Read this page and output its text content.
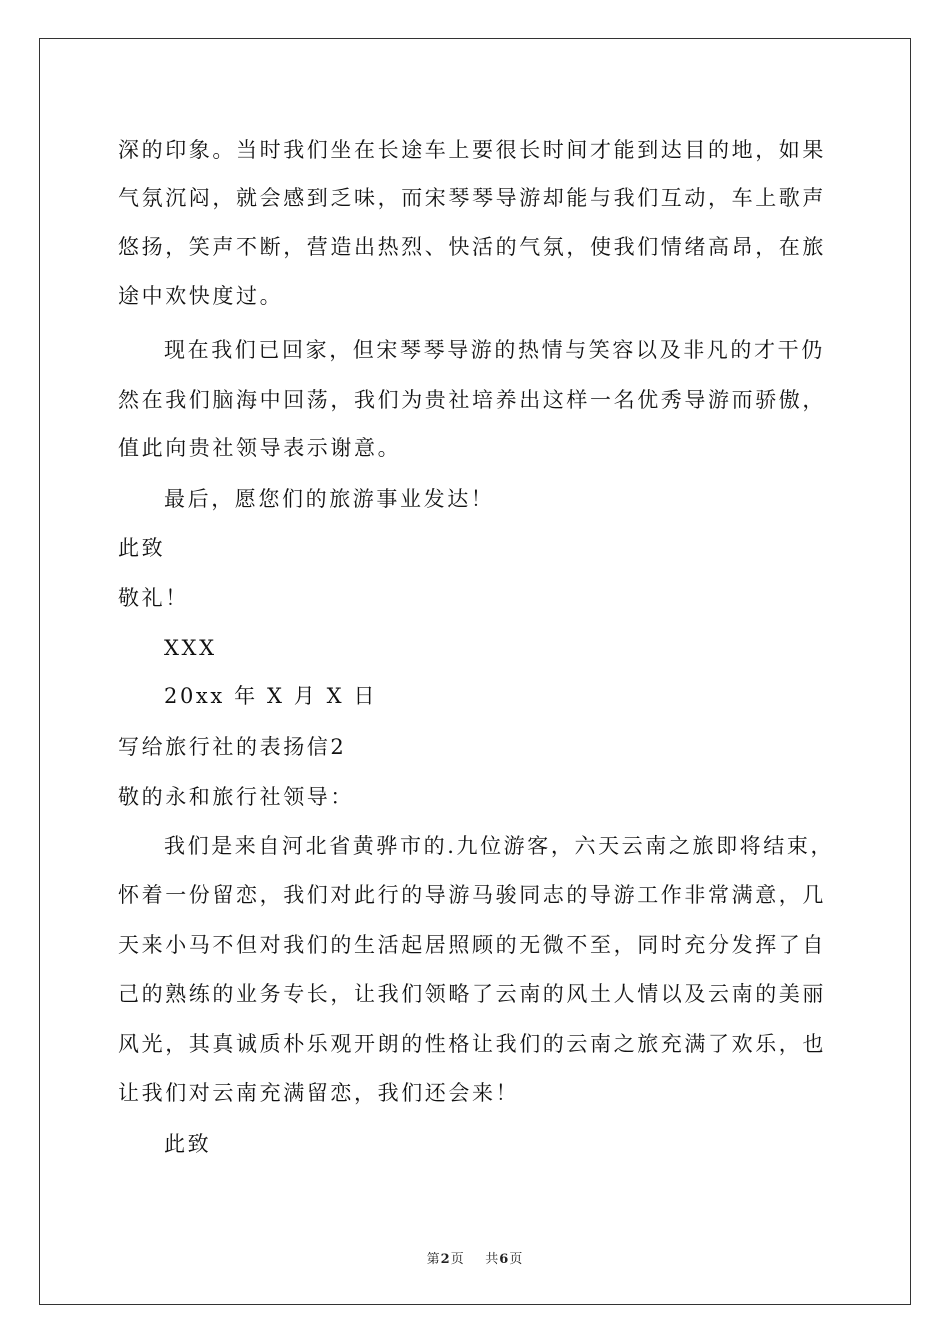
深的印象。当时我们坐在长途车上要很长时间才能到达目的地，如果
气氛沉闷，就会感到乏味，而宋琴琴导游却能与我们互动，车上歌声
悠扬，笑声不断，营造出热烈、快活的气氛，使我们情绪高昂，在旅
途中欢快度过。
现在我们已回家，但宋琴琴导游的热情与笑容以及非凡的才干仍
然在我们脑海中回荡，我们为贵社培养出这样一名优秀导游而骄傲，
值此向贵社领导表示谢意。
最后，愿您们的旅游事业发达！
此致
敬礼！
XXX
20xx 年 X 月 X 日
写给旅行社的表扬信2
敬的永和旅行社领导：
我们是来自河北省黄骅市的.九位游客，六天云南之旅即将结束，
怀着一份留恋，我们对此行的导游马骏同志的导游工作非常满意，几
天来小马不但对我们的生活起居照顾的无微不至，同时充分发挥了自
己的熟练的业务专长，让我们领略了云南的风土人情以及云南的美丽
风光，其真诚质朴乐观开朗的性格让我们的云南之旅充满了欢乐，也
让我们对云南充满留恋，我们还会来！
此致
第2页 共6页
